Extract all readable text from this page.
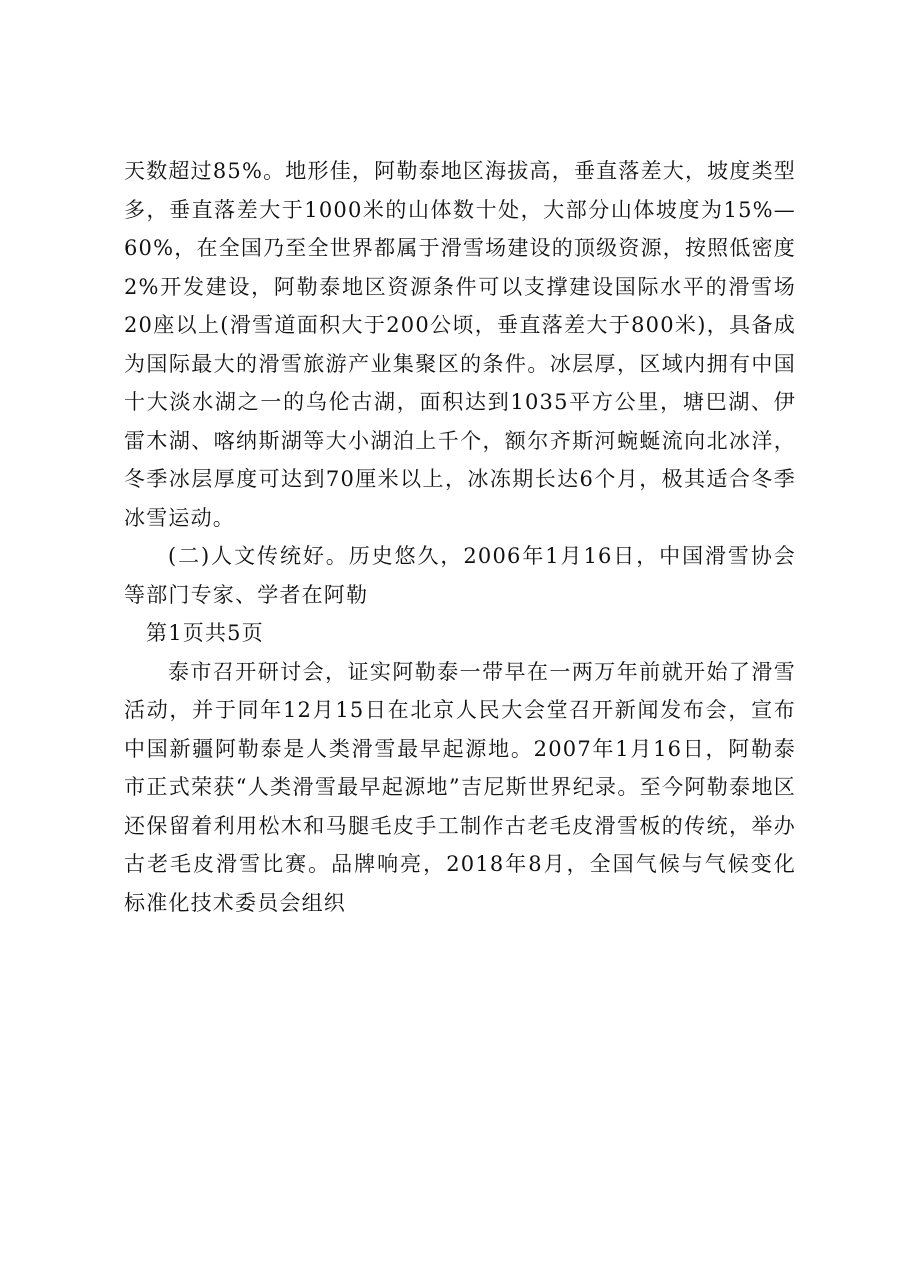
天数超过85%。地形佳，阿勒泰地区海拔高，垂直落差大，坡度类型多，垂直落差大于1000米的山体数十处，大部分山体坡度为15%—60%，在全国乃至全世界都属于滑雪场建设的顶级资源，按照低密度2%开发建设，阿勒泰地区资源条件可以支撑建设国际水平的滑雪场20座以上(滑雪道面积大于200公顷，垂直落差大于800米)，具备成为国际最大的滑雪旅游产业集聚区的条件。冰层厚，区域内拥有中国十大淡水湖之一的乌伦古湖，面积达到1035平方公里，塘巴湖、伊雷木湖、喀纳斯湖等大小湖泊上千个，额尔齐斯河蜿蜒流向北冰洋，冬季冰层厚度可达到70厘米以上，冰冻期长达6个月，极其适合冬季冰雪运动。

(二)人文传统好。历史悠久，2006年1月16日，中国滑雪协会等部门专家、学者在阿勒

第1页共5页

泰市召开研讨会，证实阿勒泰一带早在一两万年前就开始了滑雪活动，并于同年12月15日在北京人民大会堂召开新闻发布会，宣布中国新疆阿勒泰是人类滑雪最早起源地。2007年1月16日，阿勒泰市正式荣获“人类滑雪最早起源地”吉尼斯世界纪录。至今阿勒泰地区还保留着利用松木和马腿毛皮手工制作古老毛皮滑雪板的传统，举办古老毛皮滑雪比赛。品牌响亮，2018年8月，全国气候与气候变化标准化技术委员会组织
